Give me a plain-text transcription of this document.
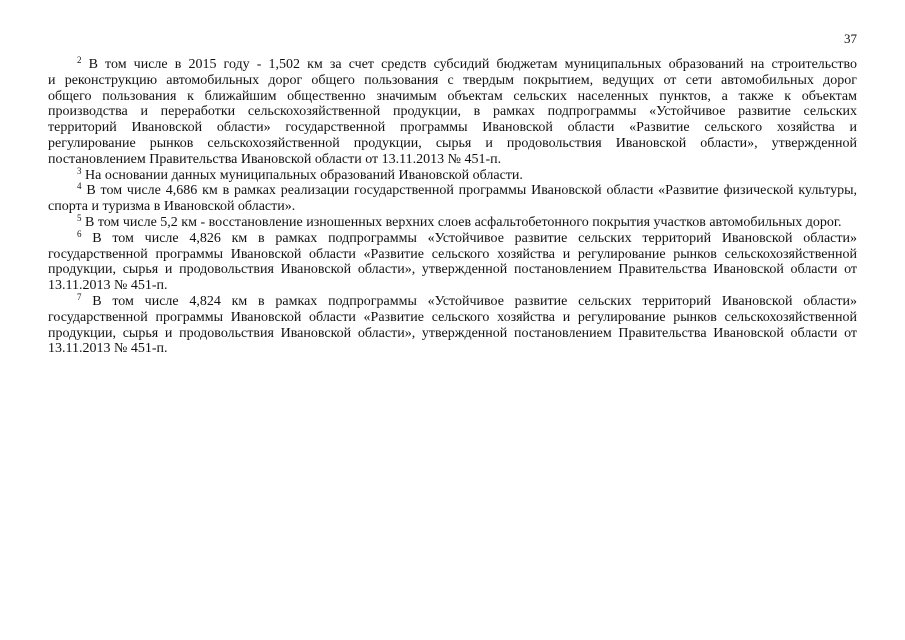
37
$^2$ В том числе в 2015 году - 1,502 км за счет средств субсидий бюджетам муниципальных образований на строительство
и реконструкцию автомобильных дорог общего пользования с твердым покрытием, ведущих от сети автомобильных дорог
общего пользования к ближайшим общественно значимым объектам сельских населенных пунктов, а также к объектам
производства и переработки сельскохозяйственной продукции, в рамках подпрограммы «Устойчивое развитие сельских
территорий Ивановской области» государственной программы Ивановской области «Развитие сельского хозяйства и
регулирование рынков сельскохозяйственной продукции, сырья и продовольствия Ивановской области», утвержденной
постановлением Правительства Ивановской области от 13.11.2013 № 451-п.

$^3$ На основании данных муниципальных образований Ивановской области.

$^4$ В том числе 4,686 км в рамках реализации государственной программы Ивановской области «Развитие физической культуры, спорта и туризма в Ивановской области».

$^5$ В том числе 5,2 км - восстановление изношенных верхних слоев асфальтобетонного покрытия участков автомобильных дорог.

$^6$ В том числе 4,826 км в рамках подпрограммы «Устойчивое развитие сельских территорий Ивановской области» государственной программы Ивановской области «Развитие сельского хозяйства и регулирование рынков сельскохозяйственной продукции, сырья и продовольствия Ивановской области», утвержденной постановлением Правительства Ивановской области от 13.11.2013 № 451-п.

$^7$ В том числе 4,824 км в рамках подпрограммы «Устойчивое развитие сельских территорий Ивановской области» государственной программы Ивановской области «Развитие сельского хозяйства и регулирование рынков сельскохозяйственной продукции, сырья и продовольствия Ивановской области», утвержденной постановлением Правительства Ивановской области от 13.11.2013 № 451-п.
